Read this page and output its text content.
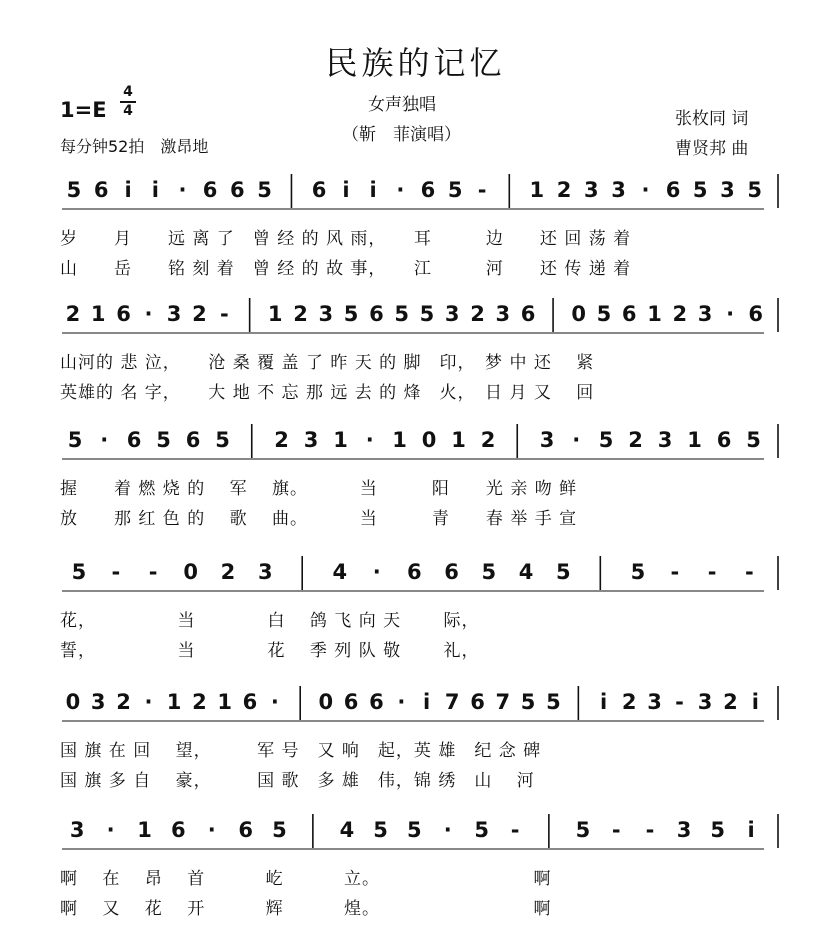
民族的记忆
女声独唱
（靳　菲演唱）
1=E
4
4
每分钟52拍　激昂地
张枚同 词
曹贤邦 曲
5 6 i i · 6 6 5 6 i i · 6 5 - 1 2 3 3 · 6 5 3 5
岁　　月　　远 离 了　曾 经 的 风 雨，　　耳　　　边　　还 回 荡 着
山　　岳　　铭 刻 着　曾 经 的 故 事，　　江　　　河　　还 传 递 着
2 1 6 · 3 2 - 1 2 3 5 6 5 5 3 2 3 6 0 5 6 1 2 3 · 6
山河的 悲 泣，　　沧 桑 覆 盖 了 昨 天 的 脚　印，　梦 中 还　 紧
英雄的 名 字，　　大 地 不 忘 那 远 去 的 烽　火，　日 月 又　 回
5 · 6 5 6 5 2 3 1 · 1 0 1 2 3 · 5 2 3 1 6 5
握　　着 燃 烧 的　 军　 旗。　　　 当　　　阳　　光 亲 吻 鲜
放　　那 红 色 的　 歌　 曲。　　　 当　　　青　　春 举 手 宣
5 - - 0 2 3	4 · 6 6 5 4 5	5 - - -
花，　　　　　当　　　　白　 鸽 飞 向 天　　 际，
誓，　　　　　当　　　　花　 季 列 队 敬　　 礼，
0 3 2 · 1 2 1 6 · 0 6 6 · i 7 6 7 5 5 i 2 3 - 3 2 i
国 旗 在 回　 望，　　　军 号　又 响　起，英 雄　纪 念 碑
国 旗 多 自　 豪，　　　国 歌　多 雄　伟，锦 绣　山　 河
3 · 1 6 · 6 5	4 5 5 · 5 -	5 - - 3 5 i
啊　 在　 昂　 首　　　 屹　　　 立。　　　　　　　　　啊
啊　 又　 花　 开　　　 辉　　　 煌。　　　　　　　　　啊
